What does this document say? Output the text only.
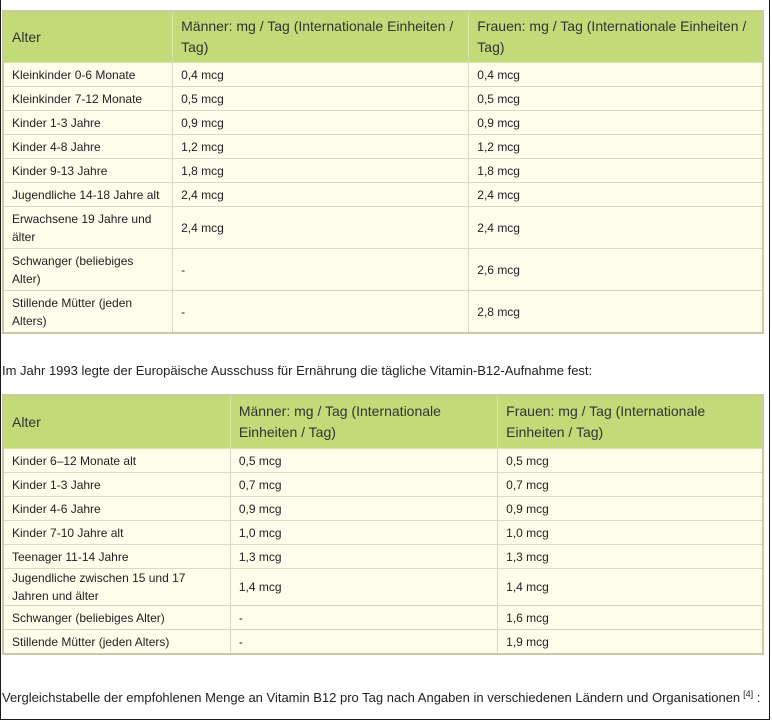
Alter	Männer: mg / Tag (Internationale Einheiten / Tag)	Frauen: mg / Tag (Internationale Einheiten / Tag)
Kleinkinder 0-6 Monate	0,4 mcg	0,4 mcg
Kleinkinder 7-12 Monate	0,5 mcg	0,5 mcg
Kinder 1-3 Jahre	0,9 mcg	0,9 mcg
Kinder 4-8 Jahre	1,2 mcg	1,2 mcg
Kinder 9-13 Jahre	1,8 mcg	1,8 mcg
Jugendliche 14-18 Jahre alt	2,4 mcg	2,4 mcg
Erwachsene 19 Jahre und älter	2,4 mcg	2,4 mcg
Schwanger (beliebiges Alter)	-	2,6 mcg
Stillende Mütter (jeden Alters)	-	2,8 mcg

Im Jahr 1993 legte der Europäische Ausschuss für Ernährung die tägliche Vitamin-B12-Aufnahme fest:

Alter	Männer: mg / Tag (Internationale Einheiten / Tag)	Frauen: mg / Tag (Internationale Einheiten / Tag)
Kinder 6–12 Monate alt	0,5 mcg	0,5 mcg
Kinder 1-3 Jahre	0,7 mcg	0,7 mcg
Kinder 4-6 Jahre	0,9 mcg	0,9 mcg
Kinder 7-10 Jahre alt	1,0 mcg	1,0 mcg
Teenager 11-14 Jahre	1,3 mcg	1,3 mcg
Jugendliche zwischen 15 und 17 Jahren und älter	1,4 mcg	1,4 mcg
Schwanger (beliebiges Alter)	-	1,6 mcg
Stillende Mütter (jeden Alters)	-	1,9 mcg

Vergleichstabelle der empfohlenen Menge an Vitamin B12 pro Tag nach Angaben in verschiedenen Ländern und Organisationen [4] :
